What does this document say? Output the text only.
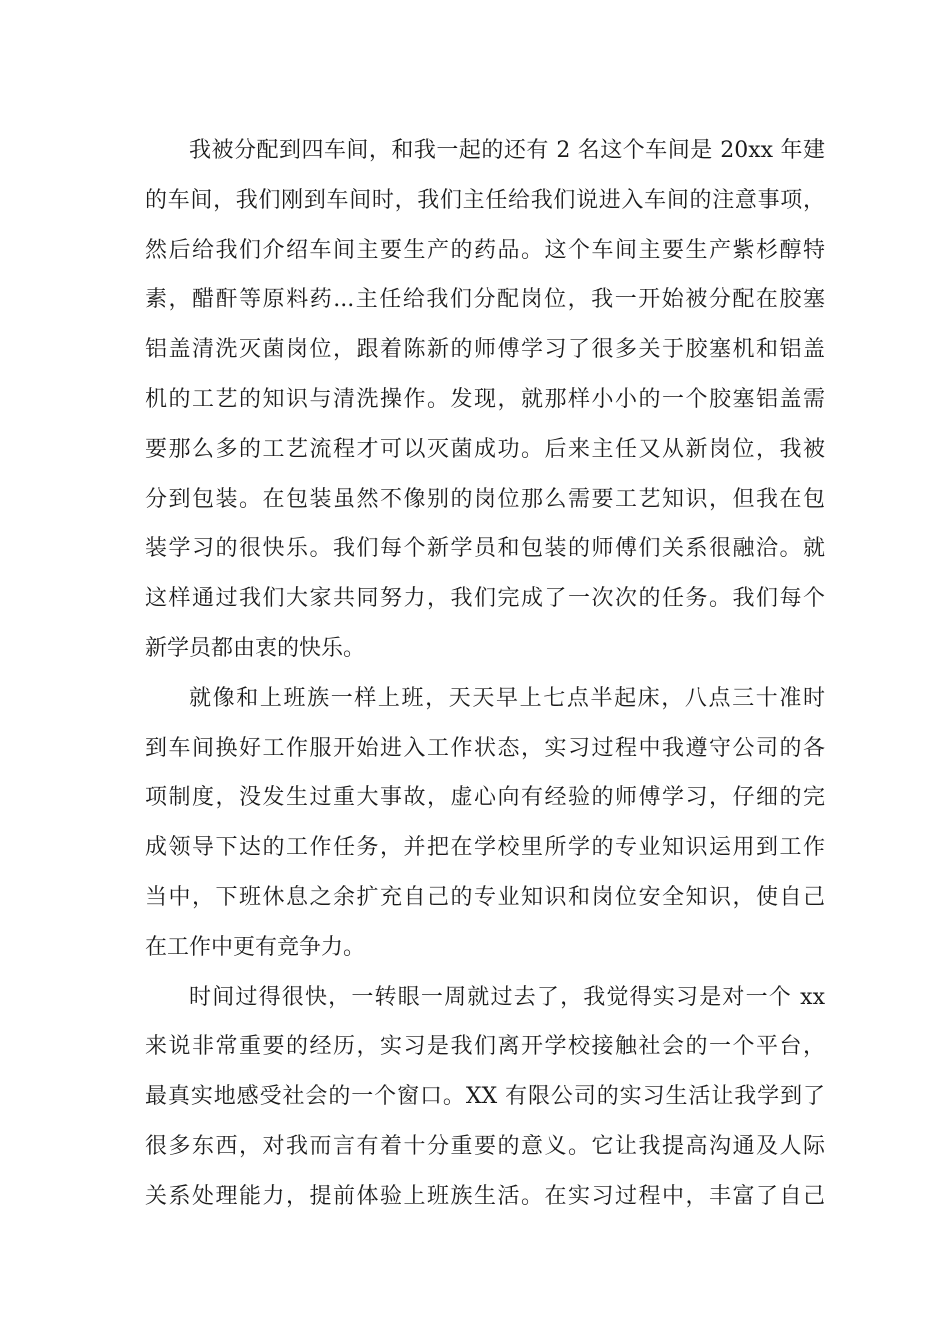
我被分配到四车间，和我一起的还有 2 名这个车间是 20xx 年建
的车间，我们刚到车间时，我们主任给我们说进入车间的注意事项，
然后给我们介绍车间主要生产的药品。这个车间主要生产紫杉醇特
素，醋酐等原料药...主任给我们分配岗位，我一开始被分配在胶塞
铝盖清洗灭菌岗位，跟着陈新的师傅学习了很多关于胶塞机和铝盖
机的工艺的知识与清洗操作。发现，就那样小小的一个胶塞铝盖需
要那么多的工艺流程才可以灭菌成功。后来主任又从新岗位，我被
分到包装。在包装虽然不像别的岗位那么需要工艺知识，但我在包
装学习的很快乐。我们每个新学员和包装的师傅们关系很融洽。就
这样通过我们大家共同努力，我们完成了一次次的任务。我们每个
新学员都由衷的快乐。
就像和上班族一样上班，天天早上七点半起床，八点三十准时
到车间换好工作服开始进入工作状态，实习过程中我遵守公司的各
项制度，没发生过重大事故，虚心向有经验的师傅学习，仔细的完
成领导下达的工作任务，并把在学校里所学的专业知识运用到工作
当中，下班休息之余扩充自己的专业知识和岗位安全知识，使自己
在工作中更有竞争力。
时间过得很快，一转眼一周就过去了，我觉得实习是对一个 xx
来说非常重要的经历，实习是我们离开学校接触社会的一个平台，
最真实地感受社会的一个窗口。XX 有限公司的实习生活让我学到了
很多东西，对我而言有着十分重要的意义。它让我提高沟通及人际
关系处理能力，提前体验上班族生活。在实习过程中，丰富了自己
